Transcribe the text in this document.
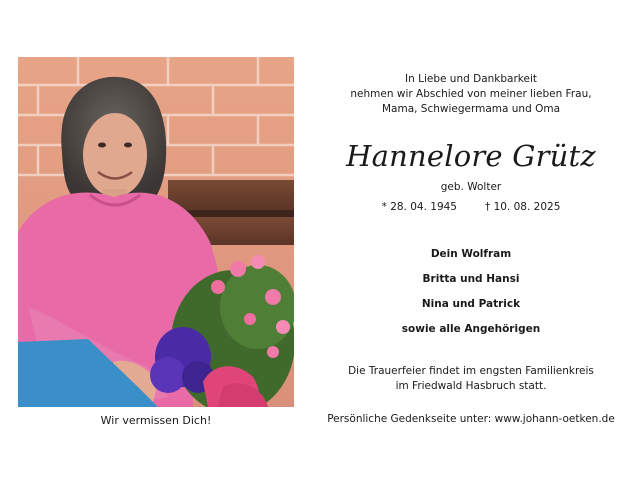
Wir vermissen Dich!
In Liebe und Dankbarkeit
nehmen wir Abschied von meiner lieben Frau,
Mama, Schwiegermama und Oma
Hannelore Grütz
geb. Wolter
* 28. 04. 1945	† 10. 08. 2025
Dein Wolfram
Britta und Hansi
Nina und Patrick
sowie alle Angehörigen
Die Trauerfeier findet im engsten Familienkreis
im Friedwald Hasbruch statt.
Persönliche Gedenkseite unter: www.johann-oetken.de
